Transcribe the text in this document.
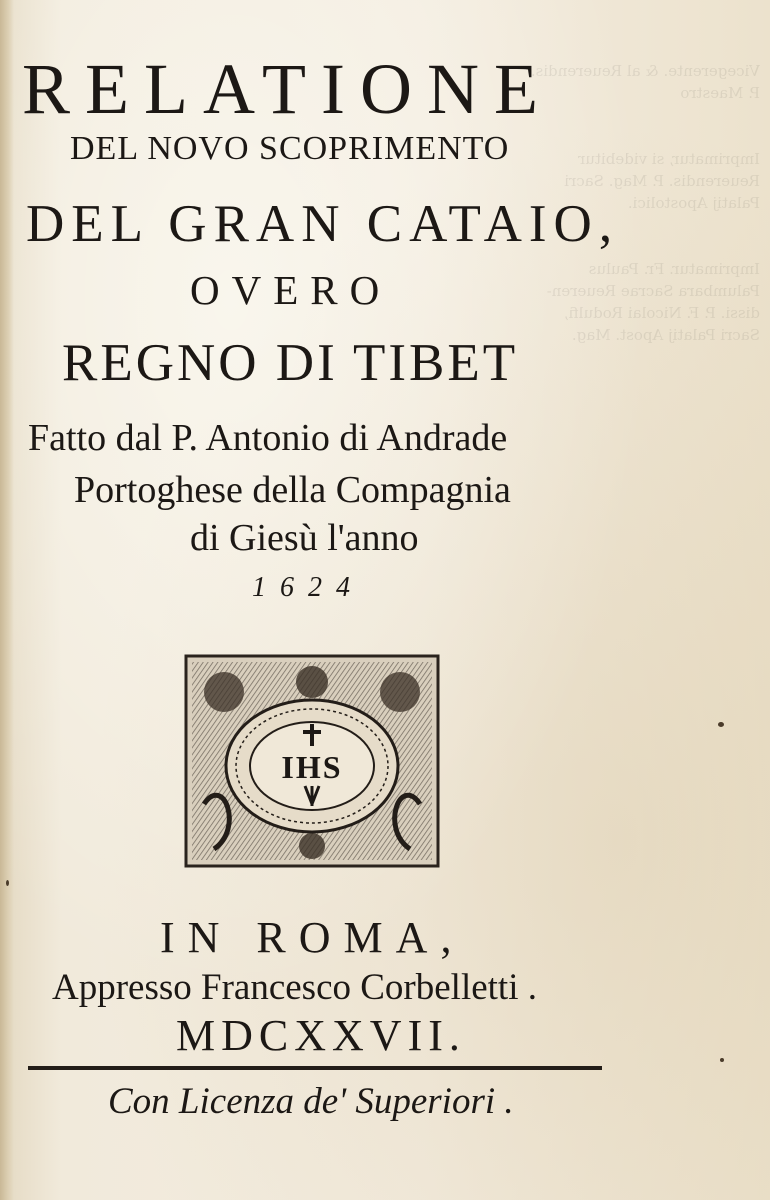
Vicegerente. & al Reuerendis. P. Maestro
Imprimatur, si videbitur Reuerendis. P. Mag. Sacri
Palatij Apostolici.
Imprimatur. Fr. Paulus Palumbara Sacrae Reueren-
dissi. P. F. Nicolai Rodulfi, Sacri Palatij Apost. Mag.
RELATIONE
DEL NOVO SCOPRIMENTO
DEL GRAN CATAIO,
OVERO
REGNO DI TIBET
Fatto dal P. Antonio di Andrade
Portoghese della Compagnia
di Giesù l'anno
1624
IHS
IN ROMA,
Appresso Francesco Corbelletti .
MDCXXVII.
Con Licenza de' Superiori .
